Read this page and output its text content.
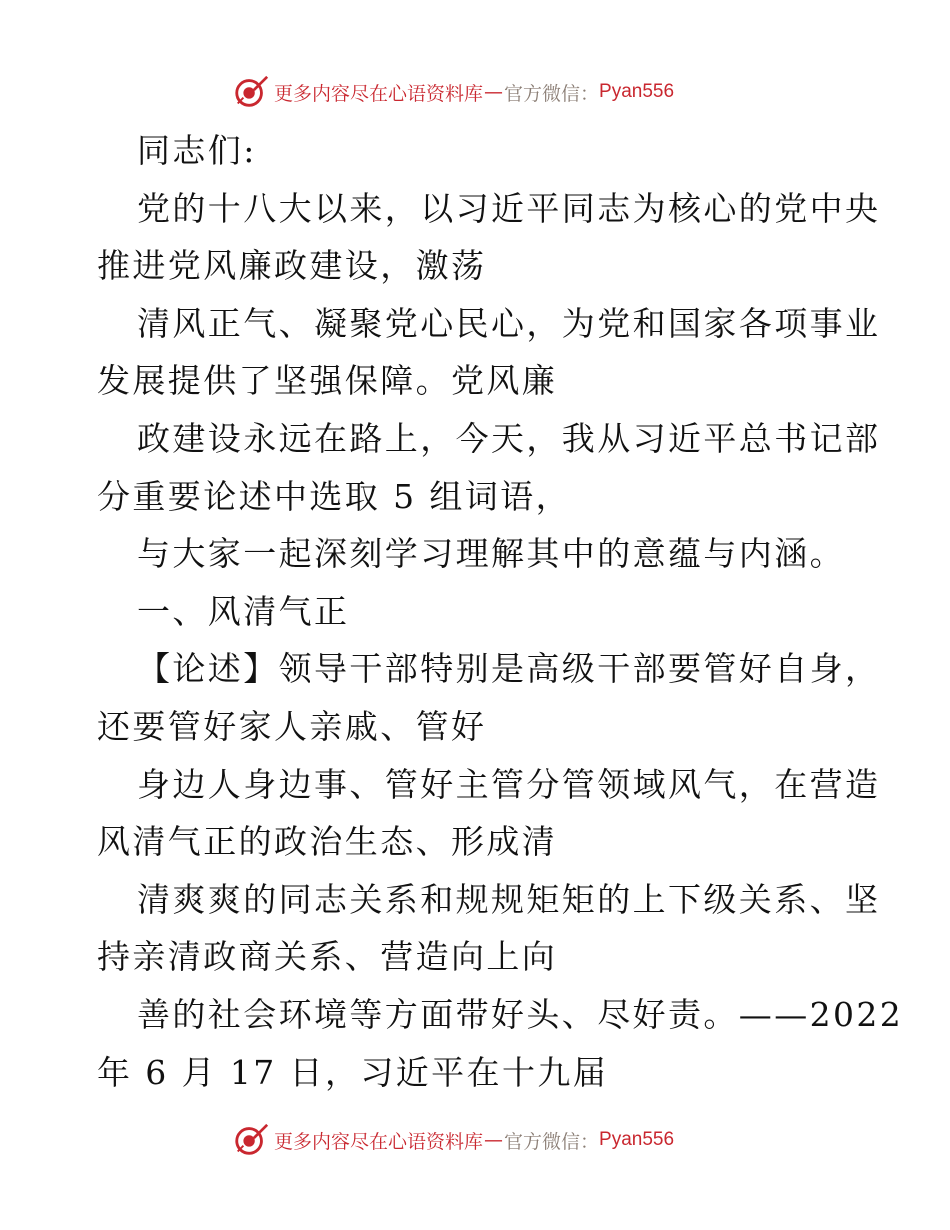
更多内容尽在心语资料库 — 官方微信： Pyan556
同志们:
党的十八大以来，以习近平同志为核心的党中央
推进党风廉政建设，激荡
清风正气、凝聚党心民心，为党和国家各项事业
发展提供了坚强保障。党风廉
政建设永远在路上，今天，我从习近平总书记部
分重要论述中选取 5 组词语，
与大家一起深刻学习理解其中的意蕴与内涵。
一、风清气正
【论述】领导干部特别是高级干部要管好自身，
还要管好家人亲戚、管好
身边人身边事、管好主管分管领域风气，在营造
风清气正的政治生态、形成清
清爽爽的同志关系和规规矩矩的上下级关系、坚
持亲清政商关系、营造向上向
善的社会环境等方面带好头、尽好责。——2022
年 6 月 17 日，习近平在十九届
更多内容尽在心语资料库 — 官方微信： Pyan556
